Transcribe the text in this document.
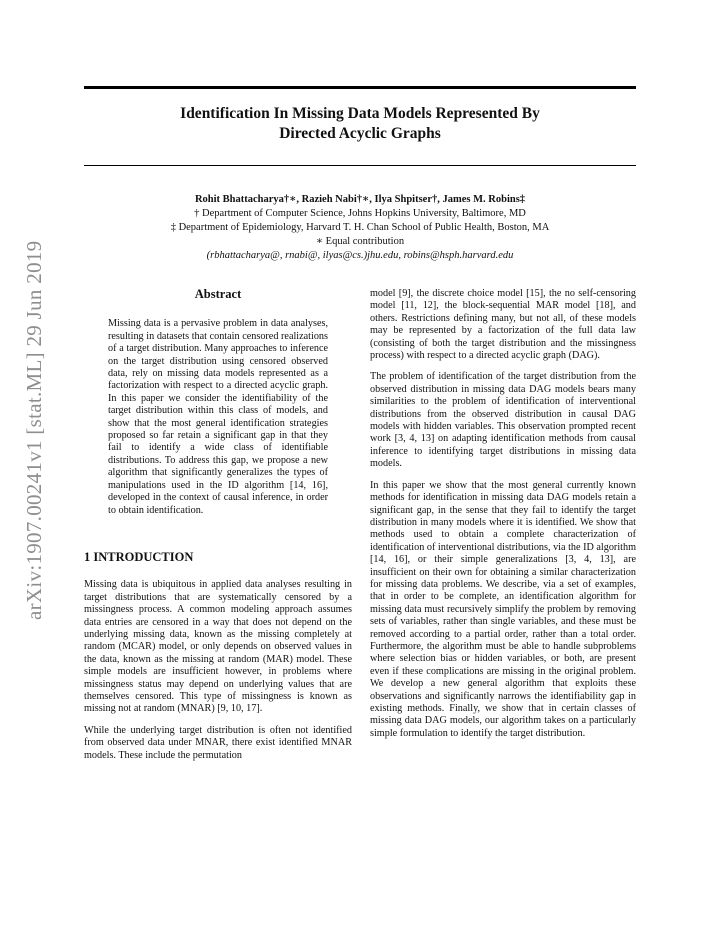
arXiv:1907.00241v1 [stat.ML] 29 Jun 2019
Identification In Missing Data Models Represented By
Directed Acyclic Graphs
Rohit Bhattacharya†∗, Razieh Nabi†∗, Ilya Shpitser†, James M. Robins‡
† Department of Computer Science, Johns Hopkins University, Baltimore, MD
‡ Department of Epidemiology, Harvard T. H. Chan School of Public Health, Boston, MA
∗ Equal contribution
(rbhattacharya@, rnabi@, ilyas@cs.)jhu.edu, robins@hsph.harvard.edu
Abstract
Missing data is a pervasive problem in data analyses, resulting in datasets that contain censored realizations of a target distribution. Many approaches to inference on the target distribution using censored observed data, rely on missing data models represented as a factorization with respect to a directed acyclic graph. In this paper we consider the identifiability of the target distribution within this class of models, and show that the most general identification strategies proposed so far retain a significant gap in that they fail to identify a wide class of identifiable distributions. To address this gap, we propose a new algorithm that significantly generalizes the types of manipulations used in the ID algorithm [14, 16], developed in the context of causal inference, in order to obtain identification.
1 INTRODUCTION
Missing data is ubiquitous in applied data analyses resulting in target distributions that are systematically censored by a missingness process. A common modeling approach assumes data entries are censored in a way that does not depend on the underlying missing data, known as the missing completely at random (MCAR) model, or only depends on observed values in the data, known as the missing at random (MAR) model. These simple models are insufficient however, in problems where missingness status may depend on underlying values that are themselves censored. This type of missingness is known as missing not at random (MNAR) [9, 10, 17].
While the underlying target distribution is often not identified from observed data under MNAR, there exist identified MNAR models. These include the permutation
model [9], the discrete choice model [15], the no self-censoring model [11, 12], the block-sequential MAR model [18], and others. Restrictions defining many, but not all, of these models may be represented by a factorization of the full data law (consisting of both the target distribution and the missingness process) with respect to a directed acyclic graph (DAG).
The problem of identification of the target distribution from the observed distribution in missing data DAG models bears many similarities to the problem of identification of interventional distributions from the observed distribution in causal DAG models with hidden variables. This observation prompted recent work [3, 4, 13] on adapting identification methods from causal inference to identifying target distributions in missing data models.
In this paper we show that the most general currently known methods for identification in missing data DAG models retain a significant gap, in the sense that they fail to identify the target distribution in many models where it is identified. We show that methods used to obtain a complete characterization of identification of interventional distributions, via the ID algorithm [14, 16], or their simple generalizations [3, 4, 13], are insufficient on their own for obtaining a similar characterization for missing data problems. We describe, via a set of examples, that in order to be complete, an identification algorithm for missing data must recursively simplify the problem by removing sets of variables, rather than single variables, and these must be removed according to a partial order, rather than a total order. Furthermore, the algorithm must be able to handle subproblems where selection bias or hidden variables, or both, are present even if these complications are missing in the original problem. We develop a new general algorithm that exploits these observations and significantly narrows the identifiability gap in existing methods. Finally, we show that in certain classes of missing data DAG models, our algorithm takes on a particularly simple formulation to identify the target distribution.
